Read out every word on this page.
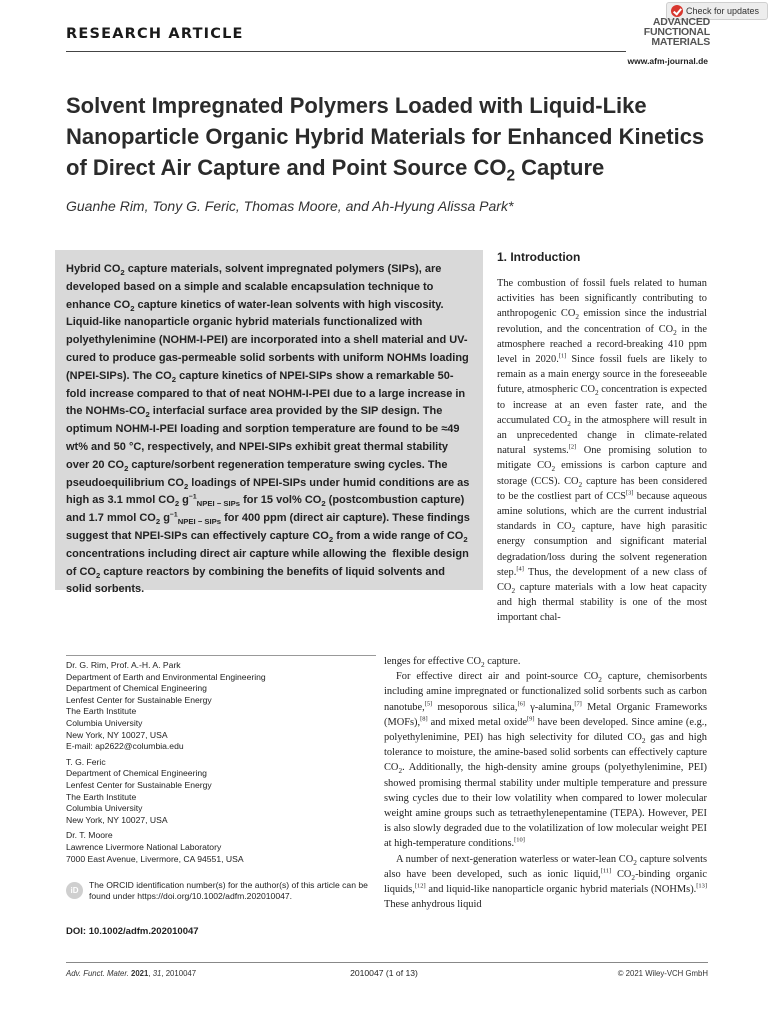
Check for updates
RESEARCH ARTICLE
ADVANCED
FUNCTIONAL
MATERIALS
www.afm-journal.de
Solvent Impregnated Polymers Loaded with Liquid-Like Nanoparticle Organic Hybrid Materials for Enhanced Kinetics of Direct Air Capture and Point Source $CO_2$ Capture
Guanhe Rim, Tony G. Feric, Thomas Moore, and Ah-Hyung Alissa Park*
Hybrid $CO_2$ capture materials, solvent impregnated polymers (SIPs), are developed based on a simple and scalable encapsulation technique to enhance $CO_2$ capture kinetics of water-lean solvents with high viscosity. Liquid-like nanoparticle organic hybrid materials functionalized with polyethylenimine (NOHM-I-PEI) are incorporated into a shell material and UV-cured to produce gas-permeable solid sorbents with uniform NOHMs loading (NPEI-SIPs). The $CO_2$ capture kinetics of NPEI-SIPs show a remarkable 50-fold increase compared to that of neat NOHM-I-PEI due to a large increase in the NOHMs-$CO_2$ interfacial surface area provided by the SIP design. The optimum NOHM-I-PEI loading and sorption temperature are found to be ≈49 wt% and 50 °C, respectively, and NPEI-SIPs exhibit great thermal stability over 20 $CO_2$ capture/sorbent regeneration temperature swing cycles. The pseudoequilibrium $CO_2$ loadings of NPEI-SIPs under humid conditions are as high as 3.1 mmol $CO_2$ $g^{-1}_{NPEI - SIPs}$ for 15 vol% $CO_2$ (postcombustion capture) and 1.7 mmol $CO_2$ $g^{-1}_{NPEI - SIPs}$ for 400 ppm (direct air capture). These findings suggest that NPEI-SIPs can effectively capture $CO_2$ from a wide range of $CO_2$ concentrations including direct air capture while allowing the  flexible design of $CO_2$ capture reactors by combining the benefits of liquid solvents and solid sorbents.
1. Introduction

The combustion of fossil fuels related to human activities has been significantly contributing to anthropogenic $CO_2$ emission since the industrial revolution, and the concentration of $CO_2$ in the atmosphere reached a record-breaking 410 ppm level in 2020.[1] Since fossil fuels are likely to remain as a main energy source in the foreseeable future, atmospheric $CO_2$ concentration is expected to increase at an even faster rate, and the accumulated $CO_2$ in the atmosphere will result in an unprecedented change in climate-related natural systems.[2] One promising solution to mitigate $CO_2$ emissions is carbon capture and storage (CCS). $CO_2$ capture has been considered to be the costliest part of CCS[3] because aqueous amine solutions, which are the current industrial standards in $CO_2$ capture, have high parasitic energy consumption and significant material degradation/loss during the solvent regeneration step.[4] Thus, the development of a new class of $CO_2$ capture materials with a low heat capacity and high thermal stability is one of the most important chal-

lenges for effective $CO_2$ capture.

For effective direct air and point-source $CO_2$ capture, chemisorbents including amine impregnated or functionalized solid sorbents such as carbon nanotube,[5] mesoporous silica,[6] γ-alumina,[7] Metal Organic Frameworks (MOFs),[8] and mixed metal oxide[9] have been developed. Since amine (e.g., polyethylenimine, PEI) has high selectivity for diluted $CO_2$ gas and high tolerance to moisture, the amine-based solid sorbents can effectively capture $CO_2$. Additionally, the high-density amine groups (polyethylenimine, PEI) showed promising thermal stability under multiple temperature and pressure swing cycles due to their low volatility when compared to lower molecular weight amine groups such as tetraethylenepentamine (TEPA). However, PEI is also slowly degraded due to the volatilization of low molecular weight PEI at high-temperature conditions.[10]

A number of next-generation waterless or water-lean $CO_2$ capture solvents also have been developed, such as ionic liquid,[11] $CO_2$-binding organic liquids,[12] and liquid-like nanoparticle organic hybrid materials (NOHMs).[13] These anhydrous liquid

Dr. G. Rim, Prof. A.-H. A. Park
Department of Earth and Environmental Engineering
Department of Chemical Engineering
Lenfest Center for Sustainable Energy
The Earth Institute
Columbia University
New York, NY 10027, USA
E-mail: ap2622@columbia.edu
T. G. Feric
Department of Chemical Engineering
Lenfest Center for Sustainable Energy
The Earth Institute
Columbia University
New York, NY 10027, USA
Dr. T. Moore
Lawrence Livermore National Laboratory
7000 East Avenue, Livermore, CA 94551, USA
iD
The ORCID identification number(s) for the author(s) of this article can be found under https://doi.org/10.1002/adfm.202010047.
DOI: 10.1002/adfm.202010047
Adv. Funct. Mater. 2021, 31, 2010047	2010047 (1 of 13)	© 2021 Wiley-VCH GmbH
